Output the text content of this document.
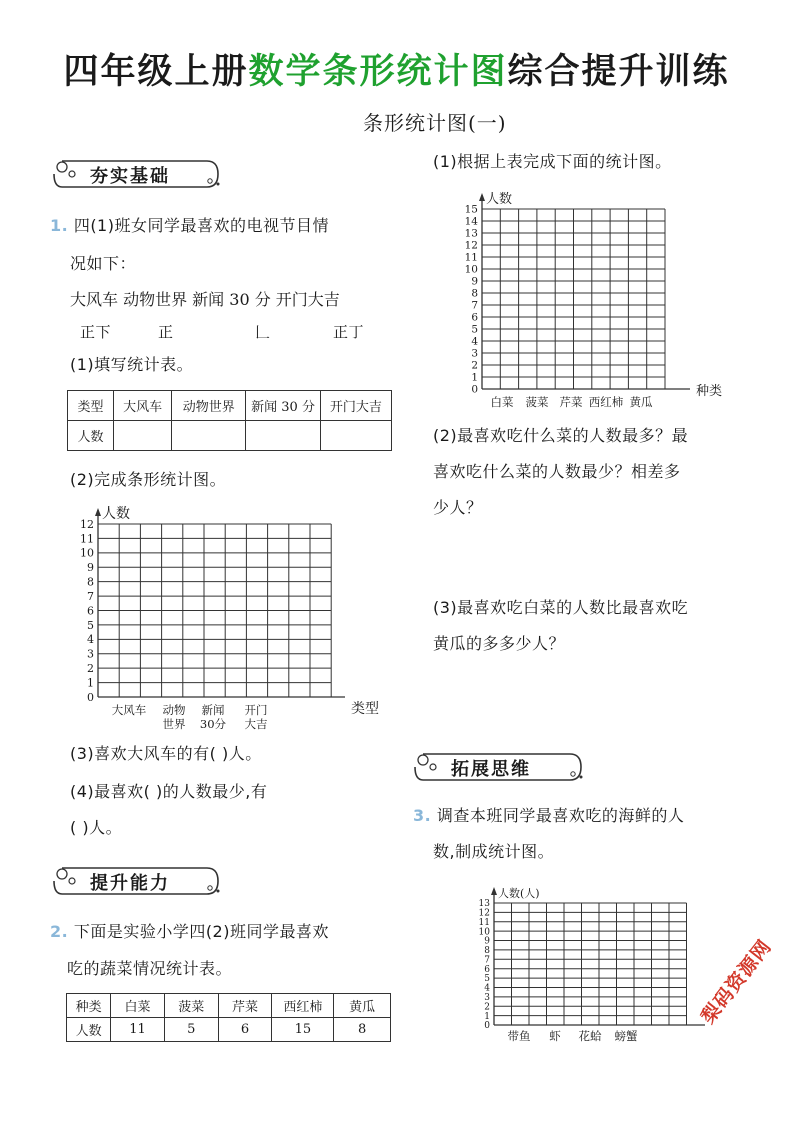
四年级上册数学条形统计图综合提升训练
条形统计图(一)
夯实基础
1. 四(1)班女同学最喜欢的电视节目情
况如下：
大风车 动物世界 新闻 30 分 开门大吉
正下	正	𠃊	正丁
(1)填写统计表。
类型	大风车	动物世界	新闻 30 分	开门大吉
人数				
(2)完成条形统计图。
0
1
2
3
4
5
6
7
8
9
10
11
12
人数
类型
大风车 动物
世界
新闻
30分
开门
大吉
0
1
2
3
4
5
6
7
8
9
10
11
12
13
14
15
人数
种类
白菜 菠菜 芹菜 西红柿 黄瓜
0
1
2
3
4
5
6
7
8
9
10
11
12
13
人数(人)
带鱼 虾 花蛤 螃蟹
(3)喜欢大风车的有( )人。
(4)最喜欢( )的人数最少,有
( )人。
提升能力
2. 下面是实验小学四(2)班同学最喜欢
吃的蔬菜情况统计表。
种类	白菜	菠菜	芹菜	西红柿	黄瓜
人数	11	5	6	15	8
(1)根据上表完成下面的统计图。
(2)最喜欢吃什么菜的人数最多？最
喜欢吃什么菜的人数最少？相差多
少人？
(3)最喜欢吃白菜的人数比最喜欢吃
黄瓜的多多少人？
拓展思维
3. 调查本班同学最喜欢吃的海鲜的人
数,制成统计图。
梨码资源网
